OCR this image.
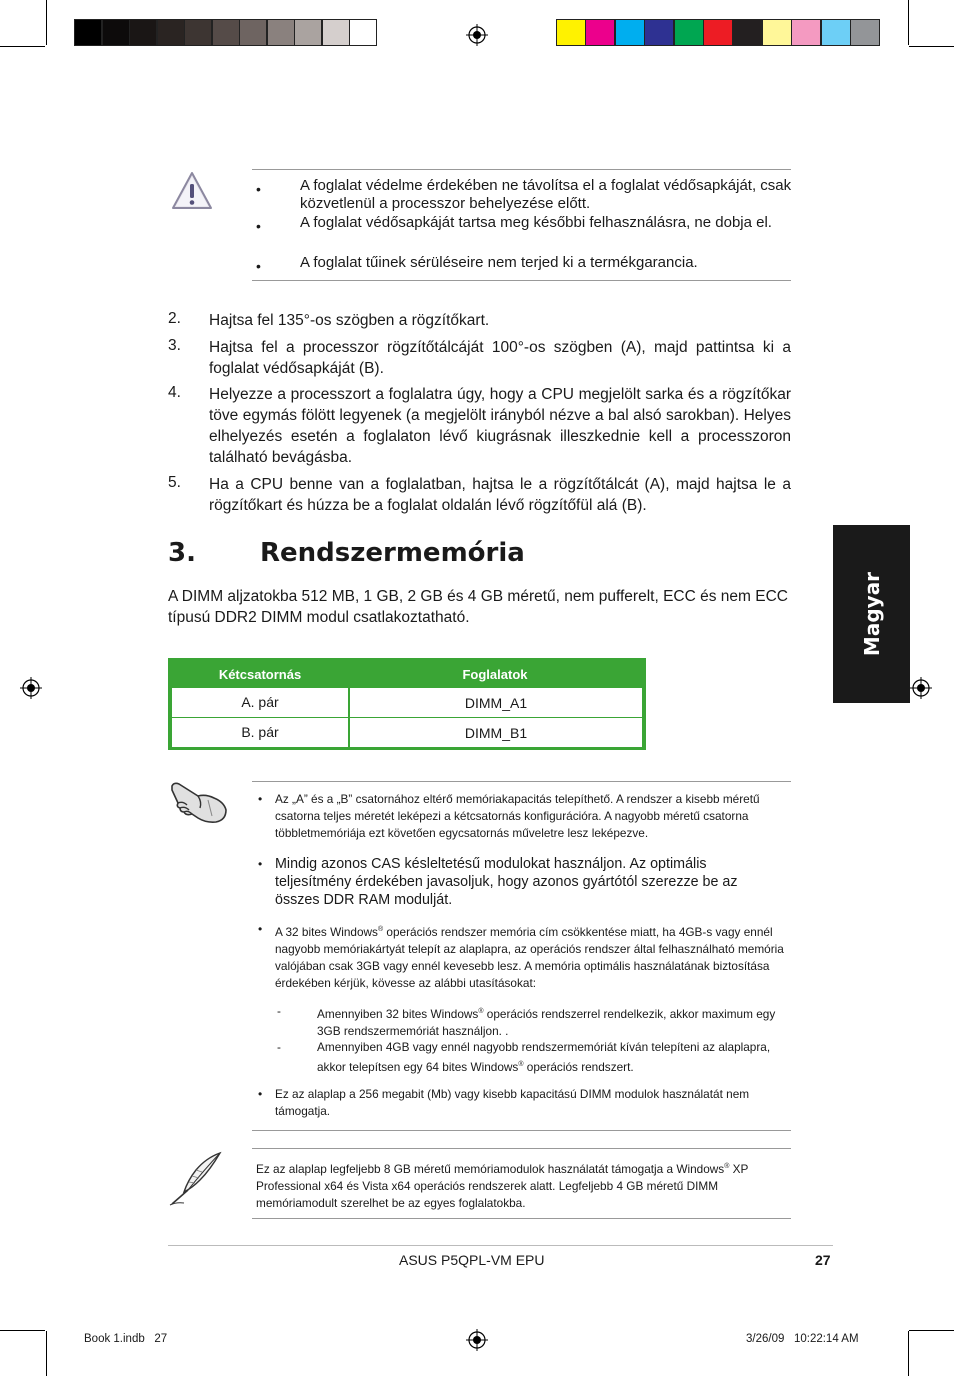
•	A foglalat védelme érdekében ne távolítsa el a foglalat védősapkáját, csak közvetlenül a processzor behelyezése előtt.
•	A foglalat védősapkáját tartsa meg későbbi felhasználásra, ne dobja el.
•	A foglalat tűinek sérüléseire nem terjed ki a termékgarancia.
2. Hajtsa fel 135°-os szögben a rögzítőkart.
3. Hajtsa fel a processzor rögzítőtálcáját 100°-os szögben (A), majd pattintsa ki a foglalat védősapkáját (B).
4. Helyezze a processzort a foglalatra úgy, hogy a CPU megjelölt sarka és a rögzítőkar töve egymás fölött legyenek (a megjelölt irányból nézve a bal alsó sarokban). Helyes elhelyezés esetén a foglalaton lévő kiugrásnak illeszkednie kell a processzoron található bevágásba.
5. Ha a CPU benne van a foglalatban, hajtsa le a rögzítőtálcát (A), majd hajtsa le a rögzítőkart és húzza be a foglalat oldalán lévő rögzítőfül alá (B).
3. Rendszermemória
A DIMM aljzatokba 512 MB, 1 GB, 2 GB és 4 GB méretű, nem pufferelt, ECC és nem ECC típusú DDR2 DIMM modul csatlakoztatható.	Magyar
Kétcsatornás	Foglalatok
A. pár	DIMM_A1
B. pár	DIMM_B1
• Az „A” és a „B” csatornához eltérő memóriakapacitás telepíthető. A rendszer a kisebb méretű csatorna teljes méretét leképezi a kétcsatornás konfigurációra. A nagyobb méretű csatorna többletmemóriája ezt követően egycsatornás műveletre lesz leképezve.
• Mindig azonos CAS késleltetésű modulokat használjon. Az optimális teljesítmény érdekében javasoljuk, hogy azonos gyártótól szerezze be az összes DDR RAM modulját.
• A 32 bites Windows® operációs rendszer memória cím csökkentése miatt, ha 4GB-s vagy ennél nagyobb memóriakártyát telepít az alaplapra, az operációs rendszer által felhasználható memória valójában csak 3GB vagy ennél kevesebb lesz. A memória optimális használatának biztosítása érdekében kérjük, kövesse az alábbi utasításokat:
-	Amennyiben 32 bites Windows® operációs rendszerrel rendelkezik, akkor maximum egy 3GB rendszermemóriát használjon. .
-	Amennyiben 4GB vagy ennél nagyobb rendszermemóriát kíván telepíteni az alaplapra, akkor telepítsen egy 64 bites Windows® operációs rendszert.
• Ez az alaplap a 256 megabit (Mb) vagy kisebb kapacitású DIMM modulok használatát nem támogatja.
Ez az alaplap legfeljebb 8 GB méretű memóriamodulok használatát támogatja a Windows® XP Professional x64 és Vista x64 operációs rendszerek alatt. Legfeljebb 4 GB méretű DIMM memóriamodult szerelhet be az egyes foglalatokba.
ASUS P5QPL-VM EPU	27
Book 1.indb   27	3/26/09   10:22:14 AM
